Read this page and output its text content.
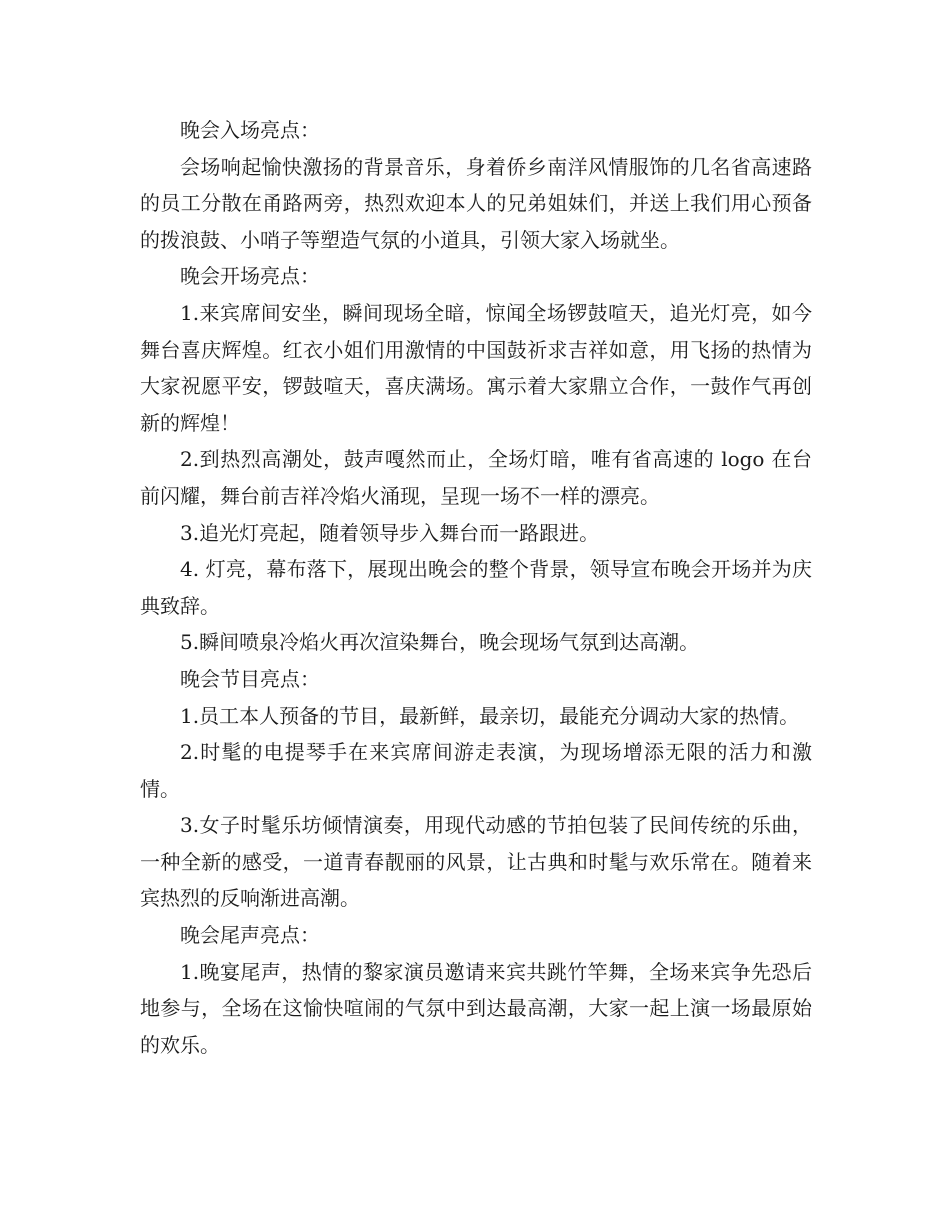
晚会入场亮点：

会场响起愉快激扬的背景音乐，身着侨乡南洋风情服饰的几名省高速路的员工分散在甬路两旁，热烈欢迎本人的兄弟姐妹们，并送上我们用心预备的拨浪鼓、小哨子等塑造气氛的小道具，引领大家入场就坐。

晚会开场亮点：

1.来宾席间安坐，瞬间现场全暗，惊闻全场锣鼓喧天，追光灯亮，如今舞台喜庆辉煌。红衣小姐们用激情的中国鼓祈求吉祥如意，用飞扬的热情为大家祝愿平安，锣鼓喧天，喜庆满场。寓示着大家鼎立合作，一鼓作气再创新的辉煌！

2.到热烈高潮处，鼓声嘎然而止，全场灯暗，唯有省高速的 logo 在台前闪耀，舞台前吉祥冷焰火涌现，呈现一场不一样的漂亮。

3.追光灯亮起，随着领导步入舞台而一路跟进。

4. 灯亮，幕布落下，展现出晚会的整个背景，领导宣布晚会开场并为庆典致辞。

5.瞬间喷泉冷焰火再次渲染舞台，晚会现场气氛到达高潮。

晚会节目亮点：

1.员工本人预备的节目，最新鲜，最亲切，最能充分调动大家的热情。

2.时髦的电提琴手在来宾席间游走表演，为现场增添无限的活力和激情。

3.女子时髦乐坊倾情演奏，用现代动感的节拍包装了民间传统的乐曲，一种全新的感受，一道青春靓丽的风景，让古典和时髦与欢乐常在。随着来宾热烈的反响渐进高潮。

晚会尾声亮点：

1.晚宴尾声，热情的黎家演员邀请来宾共跳竹竿舞，全场来宾争先恐后地参与，全场在这愉快喧闹的气氛中到达最高潮，大家一起上演一场最原始的欢乐。
